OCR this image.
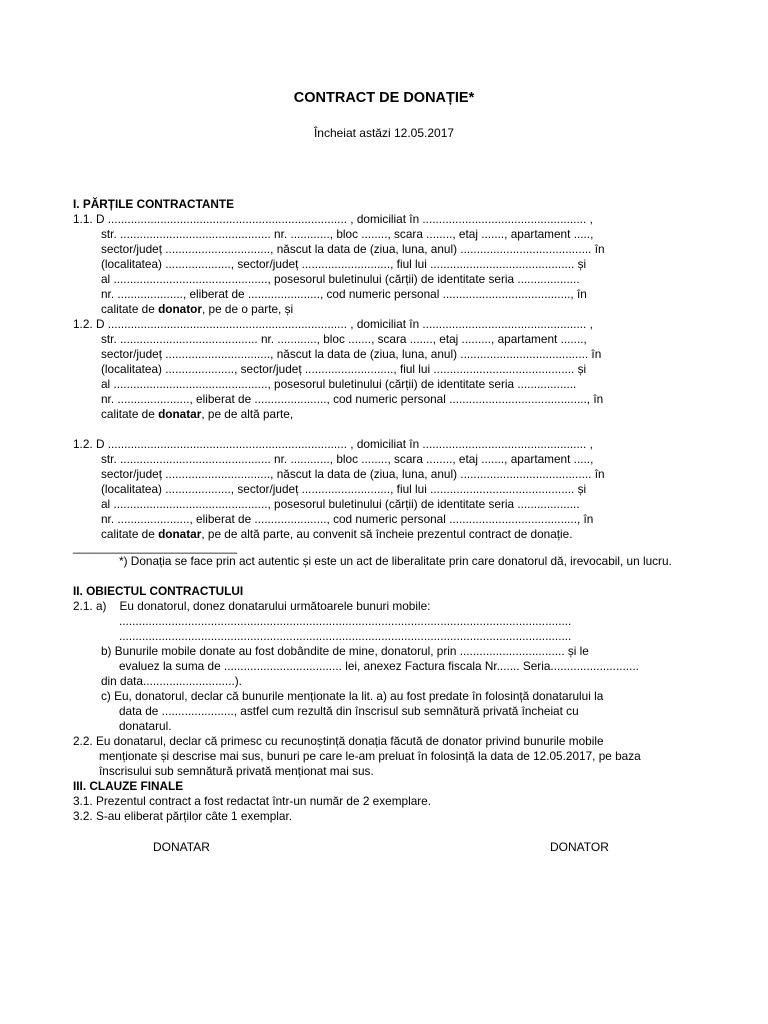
CONTRACT DE DONAȚIE*
Încheiat astăzi 12.05.2017
I. PĂRȚILE CONTRACTANTE
1.1. D ......................................................................... , domiciliat în .................................................. ,
str. .............................................. nr. ............, bloc ........, scara ........, etaj ......., apartament .....,
sector/județ ................................, născut la data de (ziua, luna, anul) ........................................ în
(localitatea) ...................., sector/județ ..........................., fiul lui ............................................ și
al ..............................................., posesorul buletinului (cărții) de identitate seria ...................
nr. ...................., eliberat de ......................, cod numeric personal ......................................., în
calitate de donator, pe de o parte, și
1.2. D ......................................................................... , domiciliat în .................................................. ,
str. .......................................... nr. ............, bloc ......., scara ......., etaj ........., apartament .......,
sector/județ ................................, născut la data de (ziua, luna, anul) ....................................... în
(localitatea) ....................., sector/județ ..........................., fiul lui ........................................... și
al ..............................................., posesorul buletinului (cărții) de identitate seria ..................
nr. ......................, eliberat de ......................, cod numeric personal .........................................., în
calitate de donatar, pe de altă parte,
1.2. D ......................................................................... , domiciliat în .................................................. ,
str. .............................................. nr. ............, bloc ........, scara ........, etaj ......., apartament .....,
sector/județ ................................, născut la data de (ziua, luna, anul) ........................................ în
(localitatea) ...................., sector/județ ..........................., fiul lui ............................................ și
al ..............................................., posesorul buletinului (cărții) de identitate seria ...................
nr. ......................, eliberat de ......................, cod numeric personal ......................................., în
calitate de donatar, pe de altă parte, au convenit să încheie prezentul contract de donație.
_________________________
*) Donația se face prin act autentic și este un act de liberalitate prin care donatorul dă, irevocabil, un lucru.
II. OBIECTUL CONTRACTULUI
2.1. a)    Eu donatorul, donez donatarului următoarele bunuri mobile:
..........................................................................................................................................
..........................................................................................................................................
b) Bunurile mobile donate au fost dobândite de mine, donatorul, prin ................................ și le
evaluez la suma de .................................... lei, anexez Factura fiscala Nr....... Seria...........................
din data............................).
c) Eu, donatorul, declar că bunurile menționate la lit. a) au fost predate în folosință donatarului la
data de ......................, astfel cum rezultă din înscrisul sub semnătură privată încheiat cu
donatarul.
2.2. Eu donatarul, declar că primesc cu recunoștință donația făcută de donator privind bunurile mobile
menționate și descrise mai sus, bunuri pe care le-am preluat în folosință la data de 12.05.2017, pe baza
înscrisului sub semnătură privată menționat mai sus.
III. CLAUZE FINALE
3.1. Prezentul contract a fost redactat într-un număr de 2 exemplare.
3.2. S-au eliberat părților câte 1 exemplar.
DONATAR	DONATOR
